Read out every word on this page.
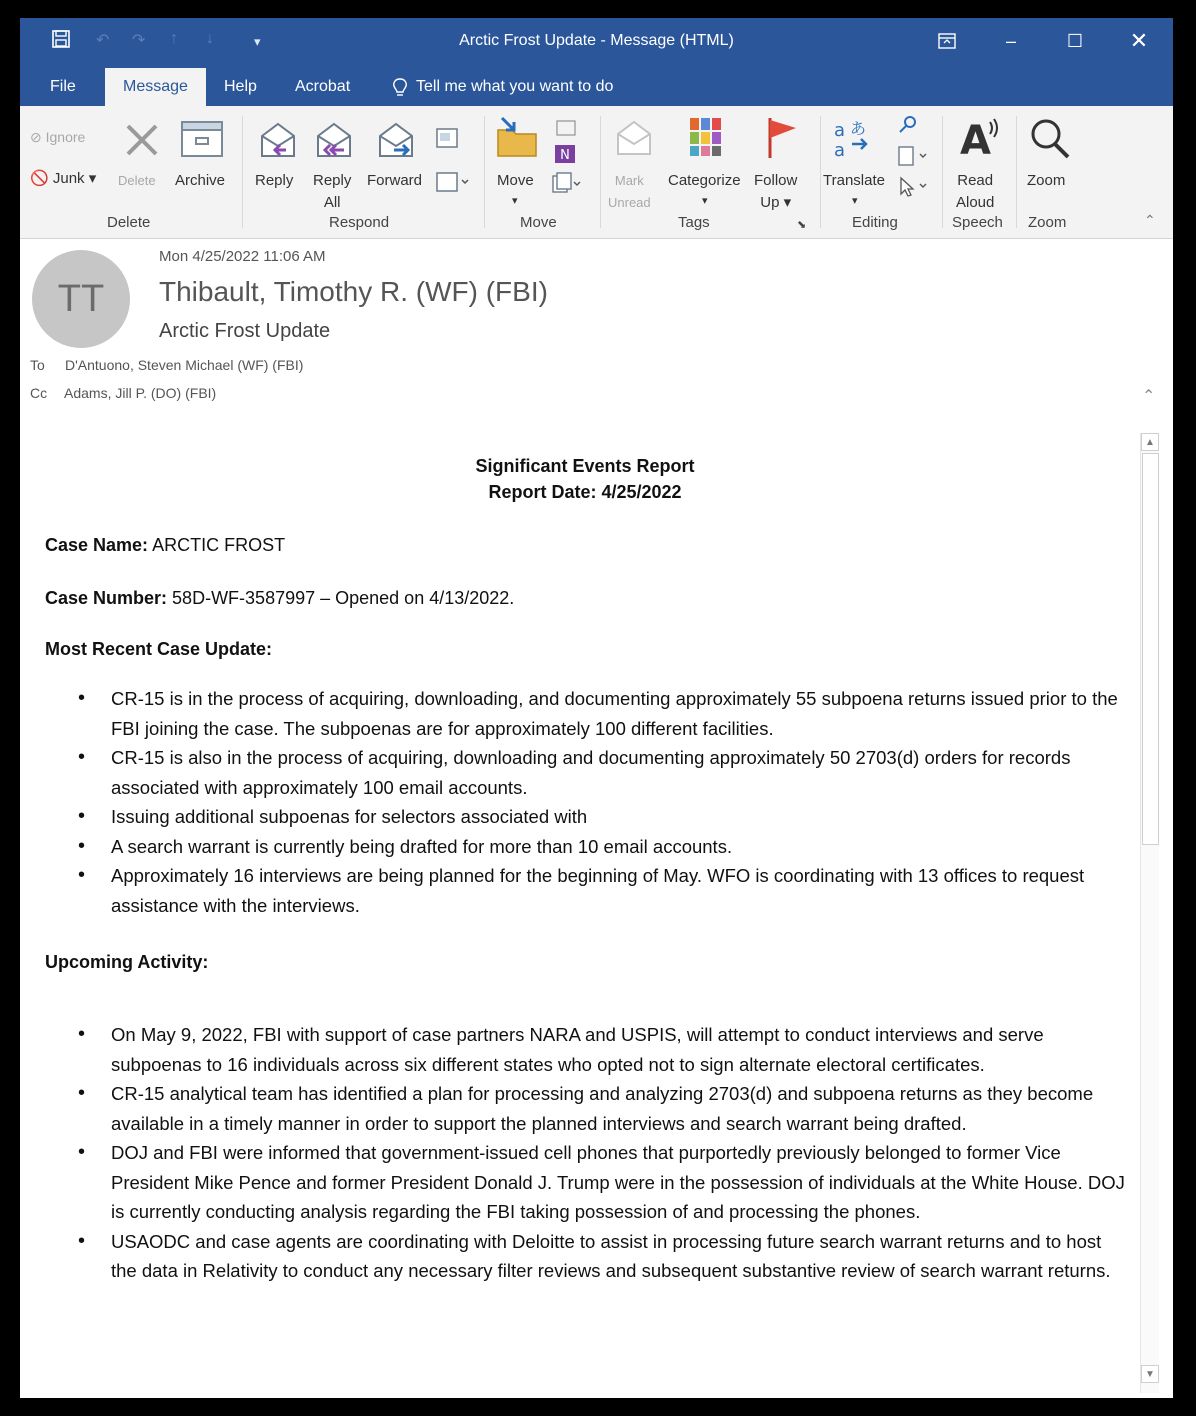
↶ ↷ ↑ ↓	▾	Arctic Frost Update - Message (HTML)	–	☐	✕
File	Message	Help Acrobat	Tell me what you want to do
⊘ Ignore
🚫 Junk ▾ Delete Archive
Delete
Reply Reply
All
Forward
Respond
Move
▾
N
Move
Mark
Unread
Categorize
▾
Follow
Up ▾
Tags	⬊
a あ
a
Translate
▾
Editing
A
Read
Aloud
Speech
Zoom
Zoom	⌃
TT
Mon 4/25/2022 11:06 AM
Thibault, Timothy R. (WF) (FBI)
Arctic Frost Update
To D'Antuono, Steven Michael (WF) (FBI)
Cc Adams, Jill P. (DO) (FBI)	⌃
Significant Events Report
Report Date: 4/25/2022
Case Name: ARCTIC FROST
Case Number: 58D-WF-3587997 – Opened on 4/13/2022.
Most Recent Case Update:
• CR-15 is in the process of acquiring, downloading, and documenting approximately 55 subpoena returns issued prior to the FBI joining the case. The subpoenas are for approximately 100 different facilities.
• CR-15 is also in the process of acquiring, downloading and documenting approximately 50 2703(d) orders for records associated with approximately 100 email accounts.
• Issuing additional subpoenas for selectors associated with
• A search warrant is currently being drafted for more than 10 email accounts.
• Approximately 16 interviews are being planned for the beginning of May. WFO is coordinating with 13 offices to request assistance with the interviews.
Upcoming Activity:
• On May 9, 2022, FBI with support of case partners NARA and USPIS, will attempt to conduct interviews and serve subpoenas to 16 individuals across six different states who opted not to sign alternate electoral certificates.
• CR-15 analytical team has identified a plan for processing and analyzing 2703(d) and subpoena returns as they become available in a timely manner in order to support the planned interviews and search warrant being drafted.
• DOJ and FBI were informed that government-issued cell phones that purportedly previously belonged to former Vice President Mike Pence and former President Donald J. Trump were in the possession of individuals at the White House. DOJ is currently conducting analysis regarding the FBI taking possession of and processing the phones.
• USAODC and case agents are coordinating with Deloitte to assist in processing future search warrant returns and to host the data in Relativity to conduct any necessary filter reviews and subsequent substantive review of search warrant returns.
▲
▼
